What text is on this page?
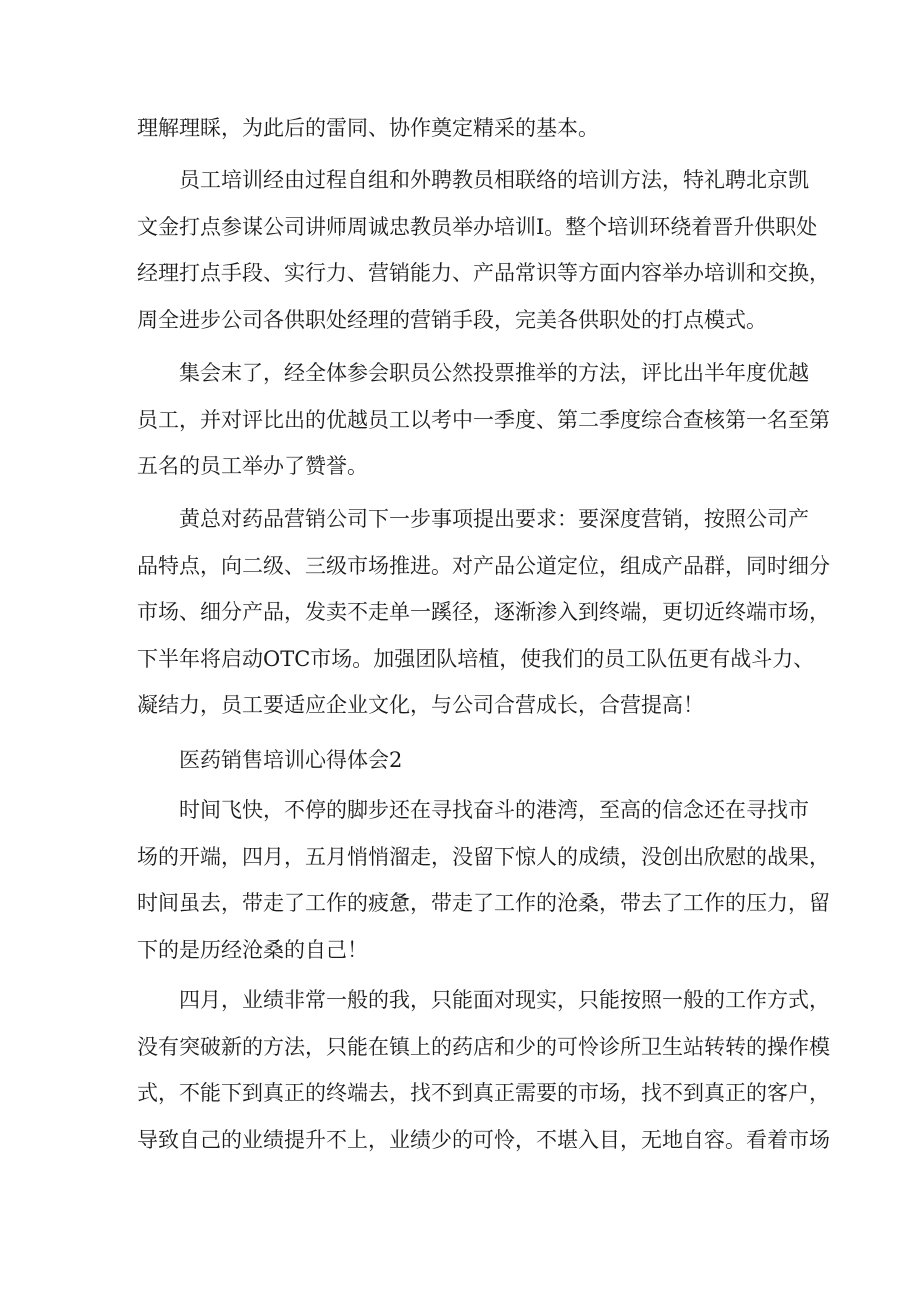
理解理睬，为此后的雷同、协作奠定精采的基本。
员工培训经由过程自组和外聘教员相联络的培训方法，特礼聘北京凯
文金打点参谋公司讲师周诚忠教员举办培训Ⅰ。整个培训环绕着晋升供职处
经理打点手段、实行力、营销能力、产品常识等方面内容举办培训和交换，
周全进步公司各供职处经理的营销手段，完美各供职处的打点模式。
集会末了，经全体参会职员公然投票推举的方法，评比出半年度优越
员工，并对评比出的优越员工以考中一季度、第二季度综合查核第一名至第
五名的员工举办了赞誉。
黄总对药品营销公司下一步事项提出要求：要深度营销，按照公司产
品特点，向二级、三级市场推进。对产品公道定位，组成产品群，同时细分
市场、细分产品，发卖不走单一蹊径，逐渐渗入到终端，更切近终端市场，
下半年将启动OTC市场。加强团队培植，使我们的员工队伍更有战斗力、
凝结力，员工要适应企业文化，与公司合营成长，合营提高！
医药销售培训心得体会2
时间飞快，不停的脚步还在寻找奋斗的港湾，至高的信念还在寻找市
场的开端，四月，五月悄悄溜走，没留下惊人的成绩，没创出欣慰的战果，
时间虽去，带走了工作的疲惫，带走了工作的沧桑，带去了工作的压力，留
下的是历经沧桑的自己！
四月，业绩非常一般的我，只能面对现实，只能按照一般的工作方式，
没有突破新的方法，只能在镇上的药店和少的可怜诊所卫生站转转的操作模
式，不能下到真正的终端去，找不到真正需要的市场，找不到真正的客户，
导致自己的业绩提升不上，业绩少的可怜，不堪入目，无地自容。看着市场
